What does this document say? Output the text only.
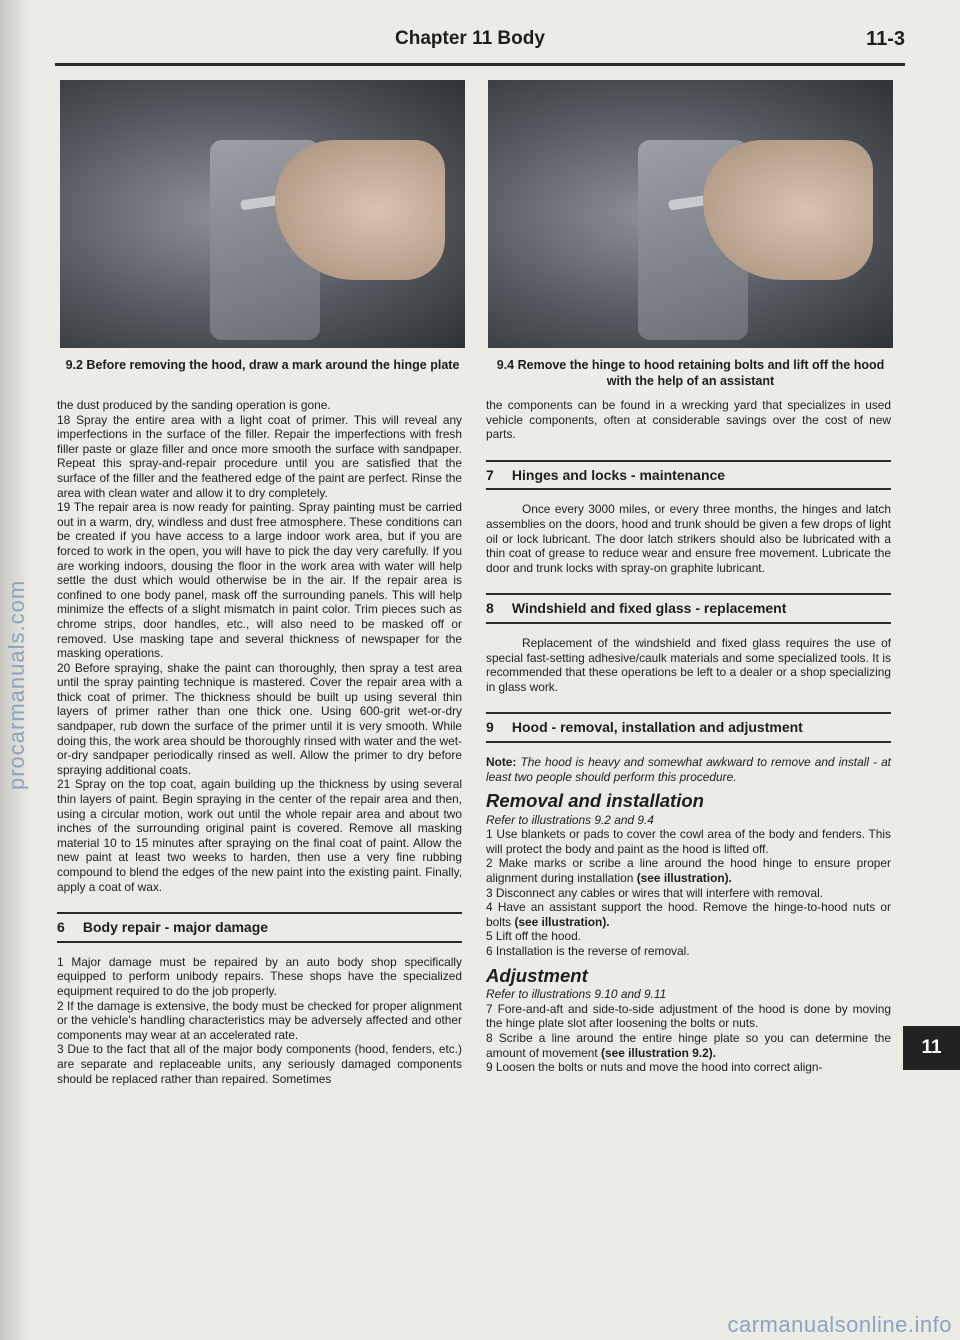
Chapter 11 Body	11-3
9.2 Before removing the hood, draw a mark around the hinge plate	9.4 Remove the hinge to hood retaining bolts and lift off the hood with the help of an assistant

the dust produced by the sanding operation is gone.

18 Spray the entire area with a light coat of primer. This will reveal any imperfections in the surface of the filler. Repair the imperfections with fresh filler paste or glaze filler and once more smooth the surface with sandpaper. Repeat this spray-and-repair procedure until you are satisfied that the surface of the filler and the feathered edge of the paint are perfect. Rinse the area with clean water and allow it to dry completely.

19 The repair area is now ready for painting. Spray painting must be carried out in a warm, dry, windless and dust free atmosphere. These conditions can be created if you have access to a large indoor work area, but if you are forced to work in the open, you will have to pick the day very carefully. If you are working indoors, dousing the floor in the work area with water will help settle the dust which would otherwise be in the air. If the repair area is confined to one body panel, mask off the surrounding panels. This will help minimize the effects of a slight mismatch in paint color. Trim pieces such as chrome strips, door handles, etc., will also need to be masked off or removed. Use masking tape and several thickness of newspaper for the masking operations.

20 Before spraying, shake the paint can thoroughly, then spray a test area until the spray painting technique is mastered. Cover the repair area with a thick coat of primer. The thickness should be built up using several thin layers of primer rather than one thick one. Using 600-grit wet-or-dry sandpaper, rub down the surface of the primer until it is very smooth. While doing this, the work area should be thoroughly rinsed with water and the wet-or-dry sandpaper periodically rinsed as well. Allow the primer to dry before spraying additional coats.

21 Spray on the top coat, again building up the thickness by using several thin layers of paint. Begin spraying in the center of the repair area and then, using a circular motion, work out until the whole repair area and about two inches of the surrounding original paint is covered. Remove all masking material 10 to 15 minutes after spraying on the final coat of paint. Allow the new paint at least two weeks to harden, then use a very fine rubbing compound to blend the edges of the new paint into the existing paint. Finally, apply a coat of wax.

6 Body repair - major damage

1 Major damage must be repaired by an auto body shop specifically equipped to perform unibody repairs. These shops have the specialized equipment required to do the job properly.

2 If the damage is extensive, the body must be checked for proper alignment or the vehicle's handling characteristics may be adversely affected and other components may wear at an accelerated rate.

3 Due to the fact that all of the major body components (hood, fenders, etc.) are separate and replaceable units, any seriously damaged components should be replaced rather than repaired. Sometimes

the components can be found in a wrecking yard that specializes in used vehicle components, often at considerable savings over the cost of new parts.

7 Hinges and locks - maintenance

Once every 3000 miles, or every three months, the hinges and latch assemblies on the doors, hood and trunk should be given a few drops of light oil or lock lubricant. The door latch strikers should also be lubricated with a thin coat of grease to reduce wear and ensure free movement. Lubricate the door and trunk locks with spray-on graphite lubricant.

8 Windshield and fixed glass - replacement

Replacement of the windshield and fixed glass requires the use of special fast-setting adhesive/caulk materials and some specialized tools. It is recommended that these operations be left to a dealer or a shop specializing in glass work.

9 Hood - removal, installation and adjustment

Note: The hood is heavy and somewhat awkward to remove and install - at least two people should perform this procedure.

Removal and installation

Refer to illustrations 9.2 and 9.4

1 Use blankets or pads to cover the cowl area of the body and fenders. This will protect the body and paint as the hood is lifted off.

2 Make marks or scribe a line around the hood hinge to ensure proper alignment during installation (see illustration).

3 Disconnect any cables or wires that will interfere with removal.

4 Have an assistant support the hood. Remove the hinge-to-hood nuts or bolts (see illustration).

5 Lift off the hood.

6 Installation is the reverse of removal.

Adjustment

Refer to illustrations 9.10 and 9.11

7 Fore-and-aft and side-to-side adjustment of the hood is done by moving the hinge plate slot after loosening the bolts or nuts.

8 Scribe a line around the entire hinge plate so you can determine the amount of movement (see illustration 9.2).

9 Loosen the bolts or nuts and move the hood into correct align-

11
procarmanuals.com
carmanualsonline.info
